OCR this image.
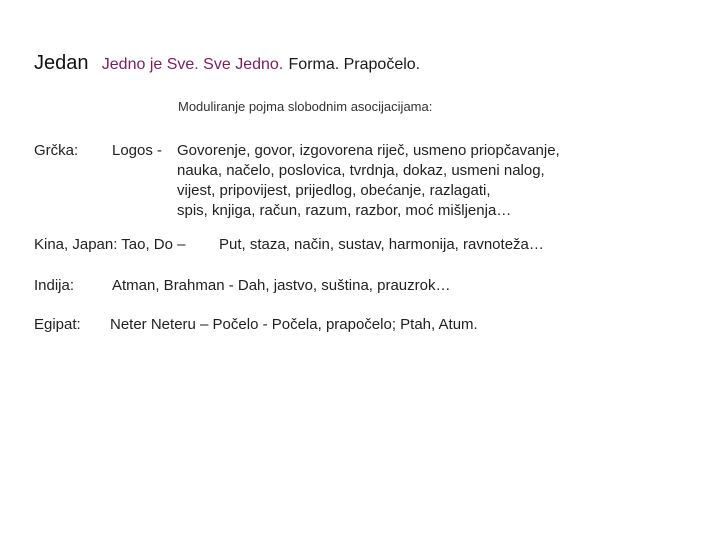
Jedan Jedno je Sve. Sve Jedno. Forma. Prapočelo.
Moduliranje pojma slobodnim asocijacijama:
Grčka: Logos - Govorenje, govor, izgovorena riječ, usmeno priopčavanje,
nauka, načelo, poslovica, tvrdnja, dokaz, usmeni nalog,
vijest, pripovijest, prijedlog, obećanje, razlagati,
spis, knjiga, račun, razum, razbor, moć mišljenja…
Kina, Japan: Tao, Do – Put, staza, način, sustav, harmonija, ravnoteža…
Indija:	Atman, Brahman - Dah, jastvo, suština, prauzrok…
Egipat: Neter Neteru – Počelo - Počela, prapočelo; Ptah, Atum.
